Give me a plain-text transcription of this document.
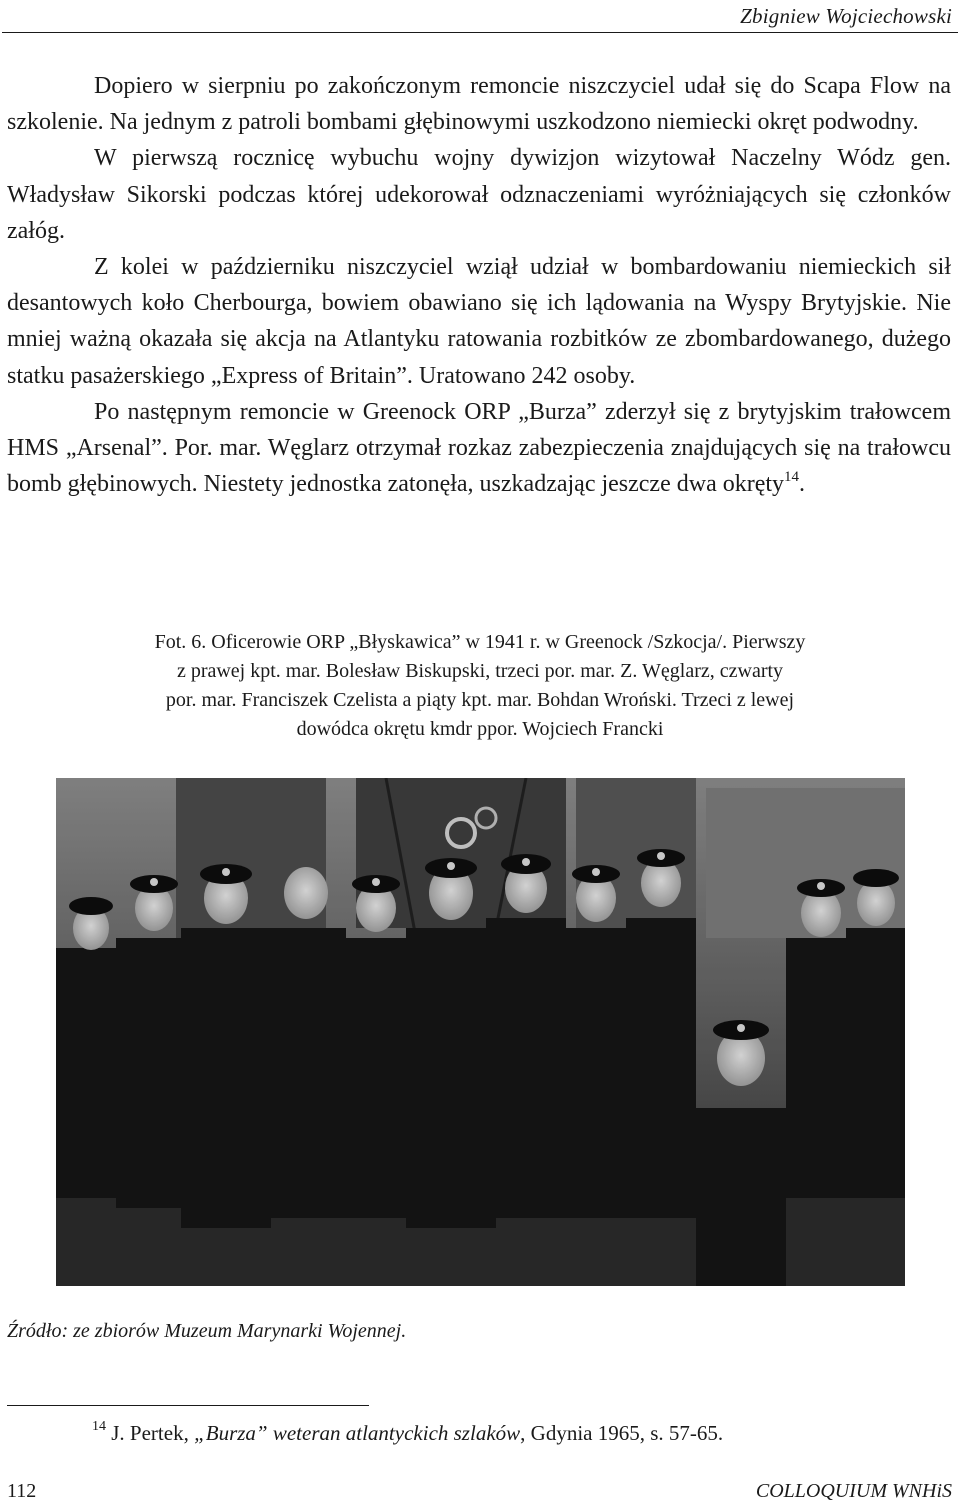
Zbigniew Wojciechowski

Dopiero w sierpniu po zakończonym remoncie niszczyciel udał się do Scapa Flow na szkolenie. Na jednym z patroli bombami głębinowymi uszkodzono niemiecki okręt podwodny.

W pierwszą rocznicę wybuchu wojny dywizjon wizytował Naczelny Wódz gen. Władysław Sikorski podczas której udekorował odznaczeniami wyróżniających się członków załóg.

Z kolei w październiku niszczyciel wziął udział w bombardowaniu niemieckich sił desantowych koło Cherbourga, bowiem obawiano się ich lądowania na Wyspy Brytyjskie. Nie mniej ważną okazała się akcja na Atlantyku ratowania rozbitków ze zbombardowanego, dużego statku pasażerskiego „Express of Britain”. Uratowano 242 osoby.

Po następnym remoncie w Greenock ORP „Burza” zderzył się z brytyjskim trałowcem HMS „Arsenal”. Por. mar. Węglarz otrzymał rozkaz zabezpieczenia znajdujących się na trałowcu bomb głębinowych. Niestety jednostka zatonęła, uszkadzając jeszcze dwa okręty$^{14}$.

Fot. 6. Oficerowie ORP „Błyskawica” w 1941 r. w Greenock /Szkocja/. Pierwszy
z prawej kpt. mar. Bolesław Biskupski, trzeci por. mar. Z. Węglarz, czwarty
por. mar. Franciszek Czelista a piąty kpt. mar. Bohdan Wroński. Trzeci z lewej
dowódca okrętu kmdr ppor. Wojciech Francki
Źródło: ze zbiorów Muzeum Marynarki Wojennej.
$^{14}$ J. Pertek, „Burza” weteran atlantyckich szlaków, Gdynia 1965, s. 57-65.
112	COLLOQUIUM WNHiS
